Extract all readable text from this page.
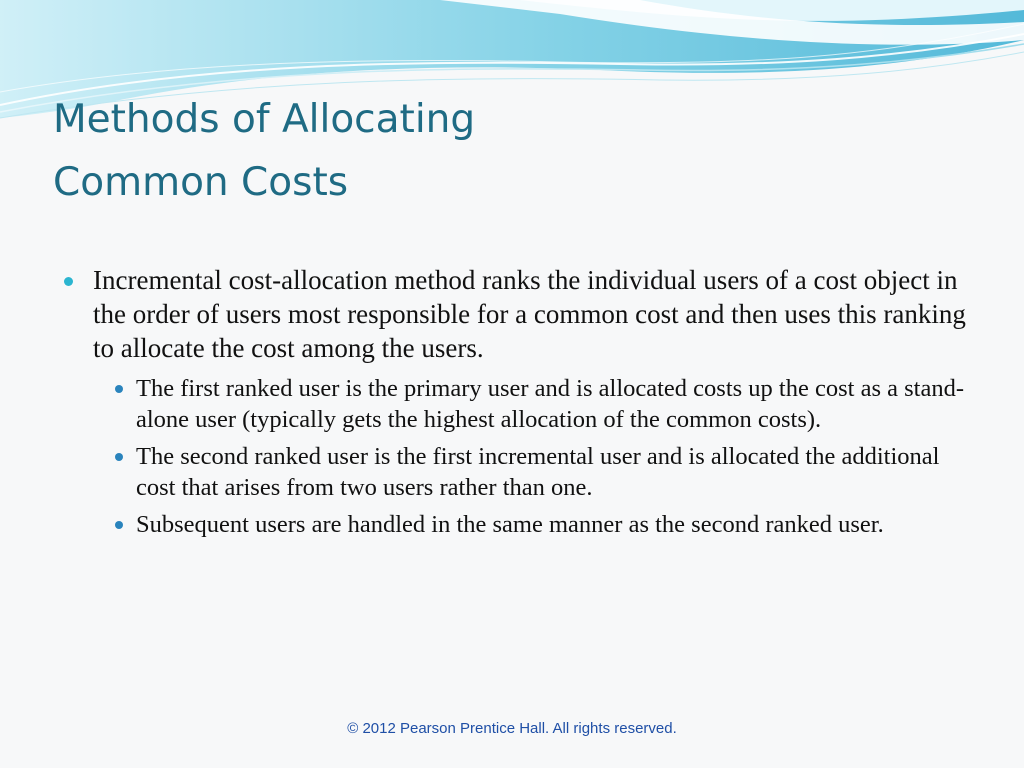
Methods of Allocating
Common Costs
Incremental cost-allocation method ranks the individual users of a cost object in the order of users most responsible for a common cost and then uses this ranking to allocate the cost among the users.
The first ranked user is the primary user and is allocated costs up the cost as a stand-alone user (typically gets the highest allocation of the common costs).
The second ranked user is the first incremental user and is allocated the additional cost that arises from two users rather than one.
Subsequent users are handled in the same manner as the second ranked user.
© 2012 Pearson Prentice Hall. All rights reserved.
